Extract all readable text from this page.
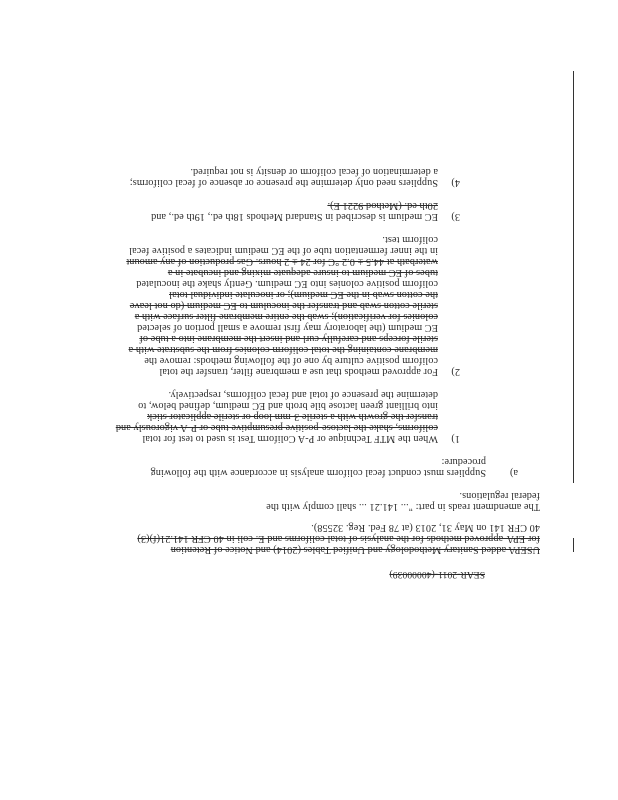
SEAR-2011-(40000039)
USEPA added Sanitary Methodology and Unified Tables (2014) and Notice of Retention
for EPA-approved methods for the analysis of total coliforms and E. coli in 40 CFR 141.21(f)(3)
40 CFR 141 on May 31, 2013 (at 78 Fed. Reg. 32558).
The amendment reads in part: "... 141.21 ... shall comply with the
federal regulations.
a)
Suppliers must conduct fecal coliform analysis in accordance with the following
procedure:
1)
When the MTF Technique or P-A Coliform Test is used to test for total
coliforms, shake the lactose-positive presumptive tube or P-A vigorously and
transfer the growth with a sterile 3-mm loop or sterile applicator stick
into brilliant green lactose bile broth and EC medium, defined below, to
determine the presence of total and fecal coliforms, respectively.
2)
For approved methods that use a membrane filter, transfer the total
coliform positive culture by one of the following methods: remove the
membrane containing the total coliform colonies from the substrate with a
sterile forceps and carefully curl and insert the membrane into a tube of
EC medium (the laboratory may first remove a small portion of selected
colonies for verification); swab the entire membrane filter surface with a
sterile cotton swab and transfer the inoculum to EC medium (do not leave
the cotton swab in the EC medium); or inoculate individual total
coliform positive colonies into EC medium. Gently shake the inoculated
tubes of EC medium to insure adequate mixing and incubate in a
waterbath at 44.5 ± 0.2 °C for 24 ± 2 hours. Gas production of any amount
in the inner fermentation tube of the EC medium indicates a positive fecal
coliform test.
3)
EC medium is described in Standard Methods 18th ed., 19th ed., and
20th ed. (Method 9221 E).
4)
Suppliers need only determine the presence or absence of fecal coliforms;
a determination of fecal coliform or density is not required.
